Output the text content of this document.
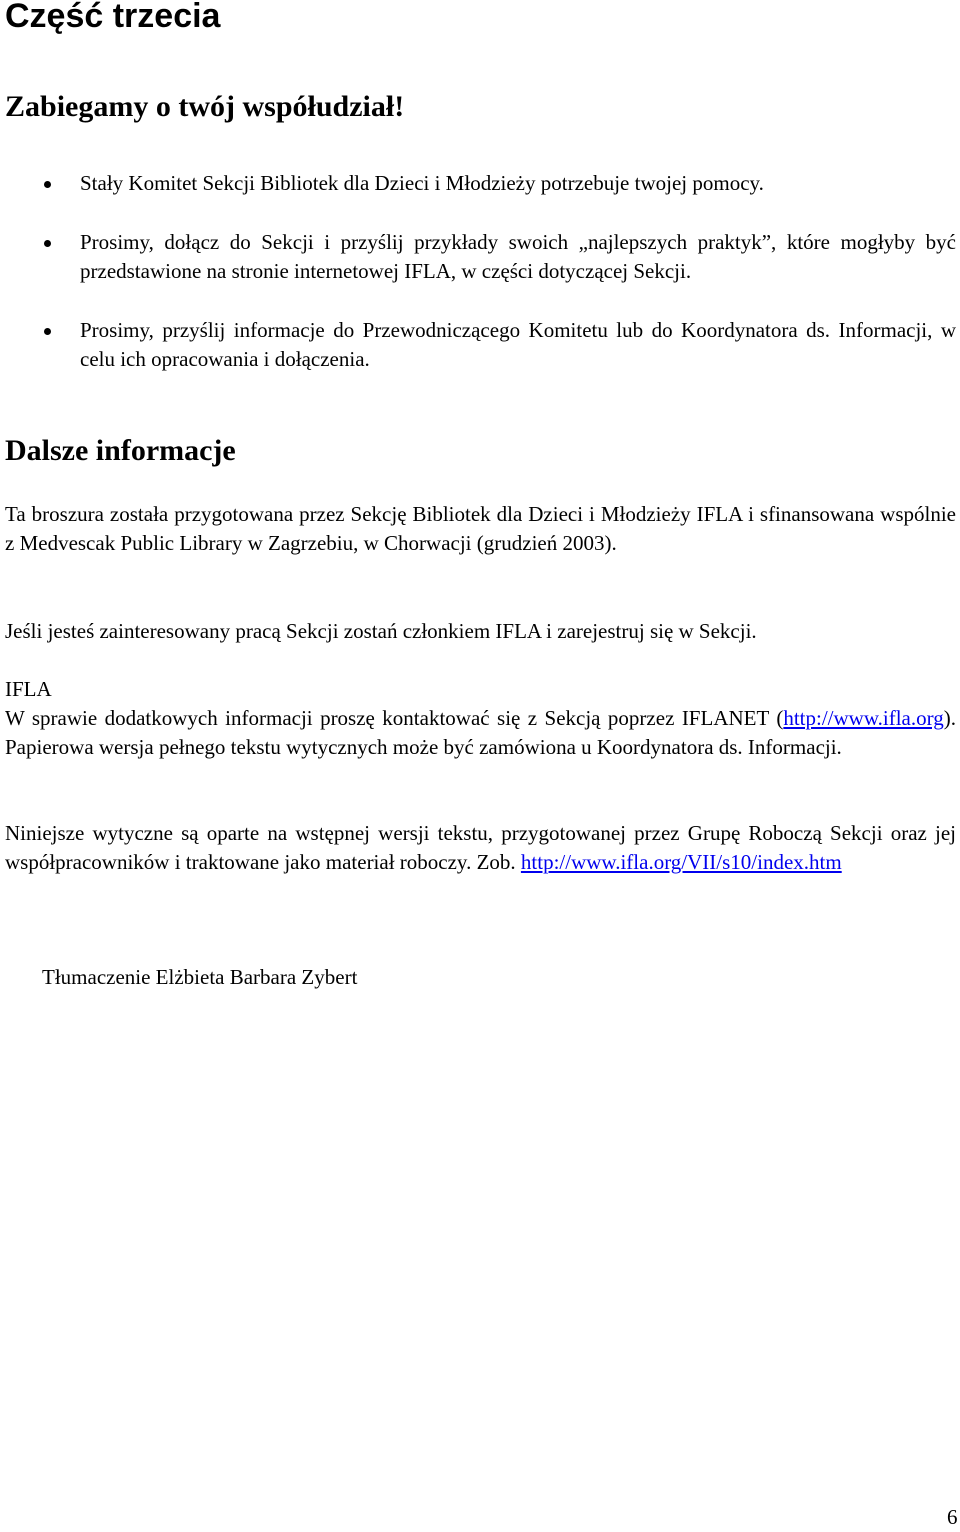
Część trzecia
Zabiegamy o twój współudział!
Stały Komitet Sekcji Bibliotek dla Dzieci i Młodzieży potrzebuje twojej pomocy.
Prosimy, dołącz do Sekcji i przyślij przykłady swoich „najlepszych praktyk”, które mogłyby być przedstawione na stronie internetowej IFLA, w części dotyczącej Sekcji.
Prosimy, przyślij informacje do Przewodniczącego Komitetu lub do Koordynatora ds. Informacji, w celu ich opracowania i dołączenia.
Dalsze informacje

Ta broszura została przygotowana przez Sekcję Bibliotek dla Dzieci i Młodzieży IFLA i sfinansowana wspólnie z Medvescak Public Library w Zagrzebiu, w Chorwacji (grudzień 2003).

Jeśli jesteś zainteresowany pracą Sekcji zostań członkiem IFLA i zarejestruj się w Sekcji.

IFLA
W sprawie dodatkowych informacji proszę kontaktować się z Sekcją poprzez IFLANET (http://www.ifla.org). Papierowa wersja pełnego tekstu wytycznych może być zamówiona u Koordynatora ds. Informacji.

Niniejsze wytyczne są oparte na wstępnej wersji tekstu, przygotowanej przez Grupę Roboczą Sekcji oraz jej współpracowników i traktowane jako materiał roboczy. Zob. http://www.ifla.org/VII/s10/index.htm

Tłumaczenie Elżbieta Barbara Zybert

6
